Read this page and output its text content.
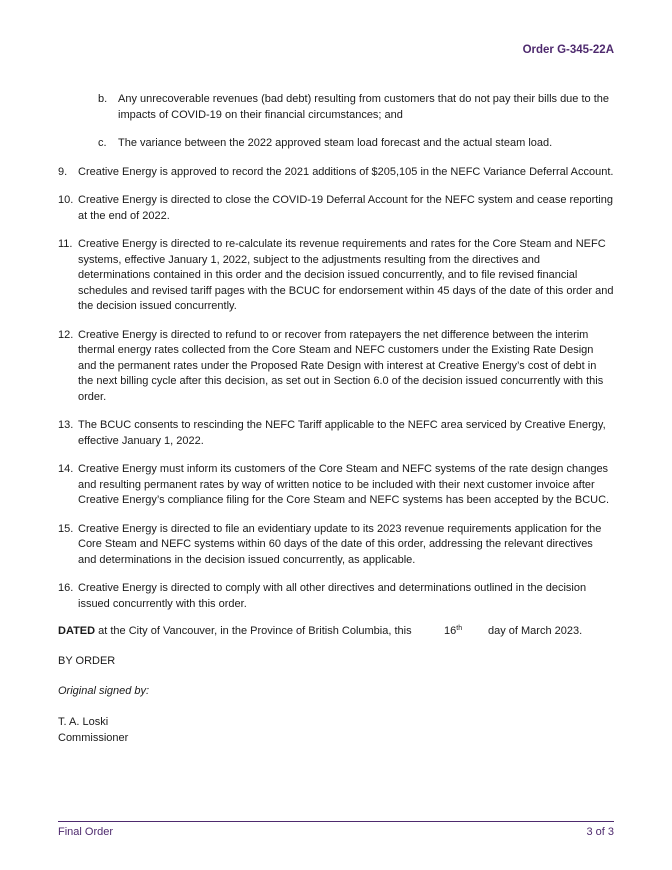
Order G-345-22A
b. Any unrecoverable revenues (bad debt) resulting from customers that do not pay their bills due to the impacts of COVID-19 on their financial circumstances; and
c. The variance between the 2022 approved steam load forecast and the actual steam load.
9. Creative Energy is approved to record the 2021 additions of $205,105 in the NEFC Variance Deferral Account.
10. Creative Energy is directed to close the COVID-19 Deferral Account for the NEFC system and cease reporting at the end of 2022.
11. Creative Energy is directed to re-calculate its revenue requirements and rates for the Core Steam and NEFC systems, effective January 1, 2022, subject to the adjustments resulting from the directives and determinations contained in this order and the decision issued concurrently, and to file revised financial schedules and revised tariff pages with the BCUC for endorsement within 45 days of the date of this order and the decision issued concurrently.
12. Creative Energy is directed to refund to or recover from ratepayers the net difference between the interim thermal energy rates collected from the Core Steam and NEFC customers under the Existing Rate Design and the permanent rates under the Proposed Rate Design with interest at Creative Energy’s cost of debt in the next billing cycle after this decision, as set out in Section 6.0 of the decision issued concurrently with this order.
13. The BCUC consents to rescinding the NEFC Tariff applicable to the NEFC area serviced by Creative Energy, effective January 1, 2022.
14. Creative Energy must inform its customers of the Core Steam and NEFC systems of the rate design changes and resulting permanent rates by way of written notice to be included with their next customer invoice after Creative Energy’s compliance filing for the Core Steam and NEFC systems has been accepted by the BCUC.
15. Creative Energy is directed to file an evidentiary update to its 2023 revenue requirements application for the Core Steam and NEFC systems within 60 days of the date of this order, addressing the relevant directives and determinations in the decision issued concurrently, as applicable.
16. Creative Energy is directed to comply with all other directives and determinations outlined in the decision issued concurrently with this order.
DATED at the City of Vancouver, in the Province of British Columbia, this	16th day of March 2023.
BY ORDER
Original signed by:
T. A. Loski
Commissioner
Final Order	3 of 3
